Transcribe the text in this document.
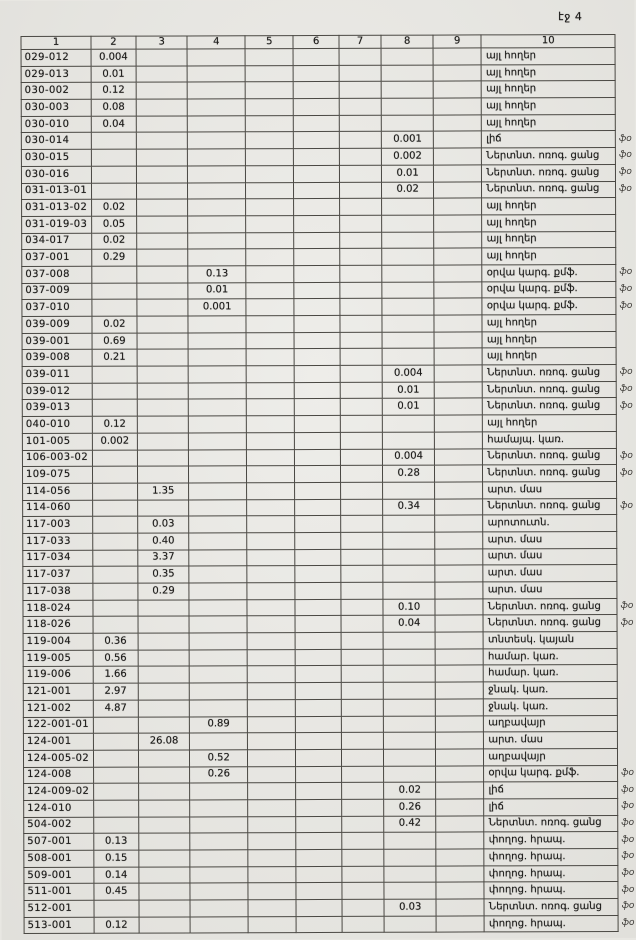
էջ 4
1	2	3	4	5	6	7	8	9	10	
029-012	0.004								այլ հողեր	
029-013	0.01								այլ հողեր	
030-002	0.12								այլ հողեր	
030-003	0.08								այլ հողեր	
030-010	0.04								այլ հողեր	
030-014							0.001		լիճ	ֆօ
030-015							0.002		Ներտնտ. ոռոգ. ցանց	ֆօ
030-016							0.01		Ներտնտ. ոռոգ. ցանց	ֆօ
031-013-01							0.02		Ներտնտ. ոռոգ. ցանց	ֆօ
031-013-02	0.02								այլ հողեր	
031-019-03	0.05								այլ հողեր	
034-017	0.02								այլ հողեր	
037-001	0.29								այլ հողեր	
037-008			0.13						օրվա կարգ. քմֆ.	ֆօ
037-009			0.01						օրվա կարգ. քմֆ.	ֆօ
037-010			0.001						օրվա կարգ. քմֆ.	ֆօ
039-009	0.02								այլ հողեր	
039-001	0.69								այլ հողեր	
039-008	0.21								այլ հողեր	
039-011							0.004		Ներտնտ. ոռոգ. ցանց	ֆօ
039-012							0.01		Ներտնտ. ոռոգ. ցանց	ֆօ
039-013							0.01		Ներտնտ. ոռոգ. ցանց	ֆօ
040-010	0.12								այլ հողեր	
101-005	0.002								համայպ. կառ.	
106-003-02							0.004		Ներտնտ. ոռոգ. ցանց	ֆօ
109-075							0.28		Ներտնտ. ոռոգ. ցանց	ֆօ
114-056		1.35							արտ. մաս	
114-060							0.34		Ներտնտ. ոռոգ. ցանց	ֆօ
117-003		0.03							արոտուտն.	
117-033		0.40							արտ. մաս	
117-034		3.37							արտ. մաս	
117-037		0.35							արտ. մաս	
117-038		0.29							արտ. մաս	
118-024							0.10		Ներտնտ. ոռոգ. ցանց	ֆօ
118-026							0.04		Ներտնտ. ոռոգ. ցանց	ֆօ
119-004	0.36								տնտեսկ. կայան	
119-005	0.56								համար. կառ.	
119-006	1.66								համար. կառ.	
121-001	2.97								ջնակ. կառ.	
121-002	4.87								ջնակ. կառ.	
122-001-01			0.89						աղբավայր	
124-001		26.08							արտ. մաս	
124-005-02			0.52						աղբավայր	
124-008			0.26						օրվա կարգ. քմֆ.	ֆօ
124-009-02							0.02		լիճ	ֆօ
124-010							0.26		լիճ	ֆօ
504-002							0.42		Ներտնտ. ոռոգ. ցանց	ֆօ
507-001	0.13								փողոց. հրապ.	ֆօ
508-001	0.15								փողոց. հրապ.	ֆօ
509-001	0.14								փողոց. հրապ.	ֆօ
511-001	0.45								փողոց. հրապ.	ֆօ
512-001							0.03		Ներտնտ. ոռոգ. ցանց	ֆօ
513-001	0.12								փողոց. հրապ.	ֆօ
